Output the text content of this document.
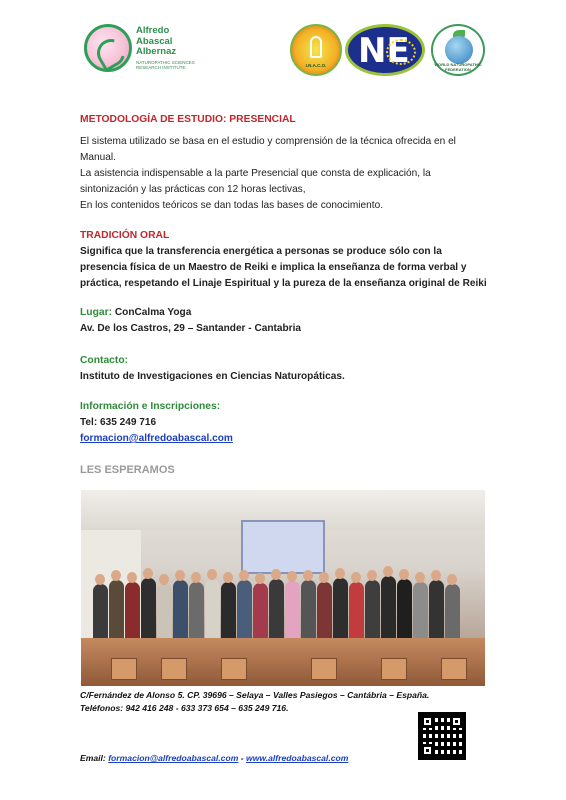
Alfredo
Abascal
Albernaz
NATUROPATHIC SCIENCES RESEARCH INSTITUTE	I.N.A.C.O. NE	WORLD NATUROPATHIC FEDERATION
METODOLOGÍA DE ESTUDIO: PRESENCIAL
El sistema utilizado se basa en el estudio y comprensión de la técnica ofrecida en el
Manual.
La asistencia indispensable a la parte Presencial que consta de explicación, la
sintonización y las prácticas con 12 horas lectivas,
En los contenidos teóricos se dan todas las bases de conocimiento.
TRADICIÓN ORAL
Significa que la transferencia energética a personas se produce sólo con la
presencia física de un Maestro de Reiki e implica la enseñanza de forma verbal y
práctica, respetando el Linaje Espiritual y la pureza de la enseñanza original de Reiki
Lugar: ConCalma Yoga
Av. De los Castros, 29 – Santander - Cantabria
Contacto:
Instituto de Investigaciones en Ciencias Naturopáticas.
Información e Inscripciones:
Tel: 635 249 716
formacion@alfredoabascal.com
LES ESPERAMOS
C/Fernández de Alonso 5. CP. 39696 – Selaya – Valles Pasiegos – Cantábria – España.
Teléfonos: 942 416 248 - 633 373 654 – 635 249 716.
Email: formacion@alfredoabascal.com - www.alfredoabascal.com
